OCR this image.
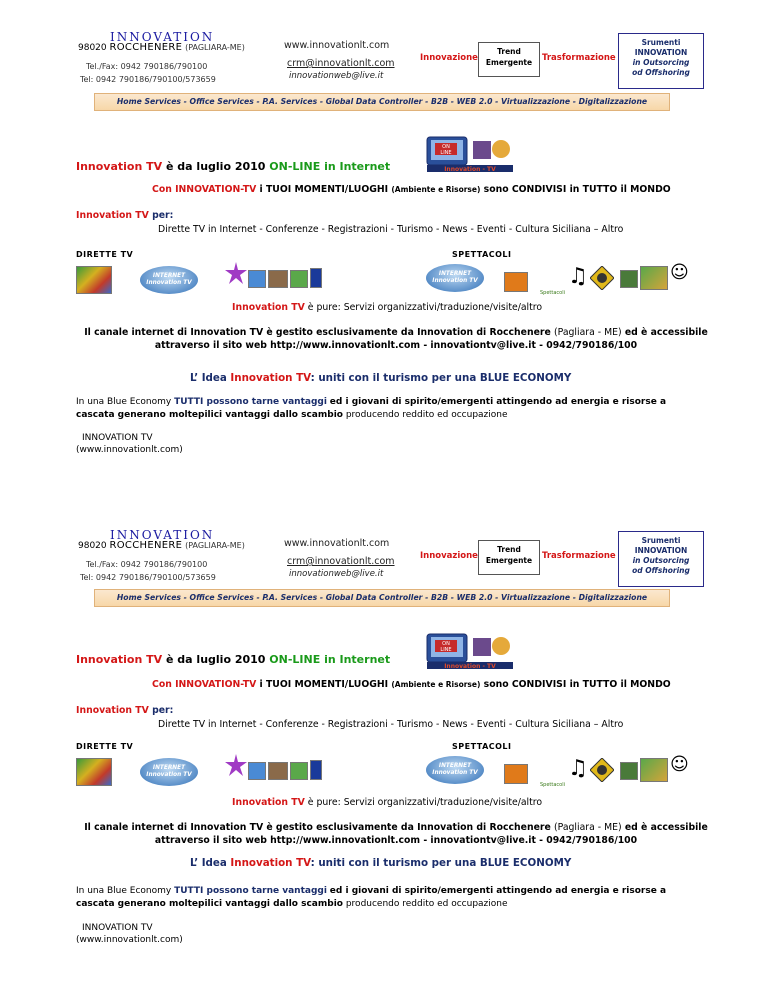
INNOVATION
98020 ROCCHENERE (PAGLIARA-ME)
Tel./Fax: 0942 790186/790100
Tel: 0942 790186/790100/573659
www.innovationlt.com
crm@innovationlt.com
innovationweb@live.it
Innovazione
Trend
Emergente	Trasformazione
Srumenti
INNOVATION
in Outsorcing
od Offshoring
Home Services - Office Services - P.A. Services - Global Data Controller - B2B - WEB 2.0 - Virtualizzazione - Digitalizzazione
ON
LINE
Innovation - TV
Innovation TV è da luglio 2010 ON-LINE in Internet
Con INNOVATION-TV i TUOI MOMENTI/LUOGHI (Ambiente e Risorse) sono CONDIVISI in TUTTO il MONDO
Innovation TV per:
Dirette TV in Internet - Conferenze - Registrazioni - Turismo - News - Eventi - Cultura Siciliana – Altro
DIRETTE TV	SPETTACOLI
INTERNET
Innovation TV
INTERNET
Innovation TV
Spettacoli
♫	☺
Innovation TV è pure: Servizi organizzativi/traduzione/visite/altro
Il canale internet di Innovation TV è gestito esclusivamente da Innovation di Rocchenere (Pagliara - ME) ed è accessibile
attraverso il sito web http://www.innovationlt.com - innovationtv@live.it - 0942/790186/100
L’ Idea Innovation TV: uniti con il turismo per una BLUE ECONOMY
In una Blue Economy TUTTI possono tarne vantaggi ed i giovani di spirito/emergenti attingendo ad energia e risorse a cascata generano moltepilici vantaggi dallo scambio producendo reddito ed occupazione
INNOVATION TV
(www.innovationlt.com)
INNOVATION
98020 ROCCHENERE (PAGLIARA-ME)
Tel./Fax: 0942 790186/790100
Tel: 0942 790186/790100/573659
www.innovationlt.com
crm@innovationlt.com
innovationweb@live.it
Innovazione
Trend
Emergente	Trasformazione
Srumenti
INNOVATION
in Outsorcing
od Offshoring
Home Services - Office Services - P.A. Services - Global Data Controller - B2B - WEB 2.0 - Virtualizzazione - Digitalizzazione
ON
LINE
Innovation - TV
Innovation TV è da luglio 2010 ON-LINE in Internet
Con INNOVATION-TV i TUOI MOMENTI/LUOGHI (Ambiente e Risorse) sono CONDIVISI in TUTTO il MONDO
Innovation TV per:
Dirette TV in Internet - Conferenze - Registrazioni - Turismo - News - Eventi - Cultura Siciliana – Altro
DIRETTE TV	SPETTACOLI
INTERNET
Innovation TV
INTERNET
Innovation TV
Spettacoli
♫	☺
Innovation TV è pure: Servizi organizzativi/traduzione/visite/altro
Il canale internet di Innovation TV è gestito esclusivamente da Innovation di Rocchenere (Pagliara - ME) ed è accessibile
attraverso il sito web http://www.innovationlt.com - innovationtv@live.it - 0942/790186/100
L’ Idea Innovation TV: uniti con il turismo per una BLUE ECONOMY
In una Blue Economy TUTTI possono tarne vantaggi ed i giovani di spirito/emergenti attingendo ad energia e risorse a cascata generano moltepilici vantaggi dallo scambio producendo reddito ed occupazione
INNOVATION TV
(www.innovationlt.com)
